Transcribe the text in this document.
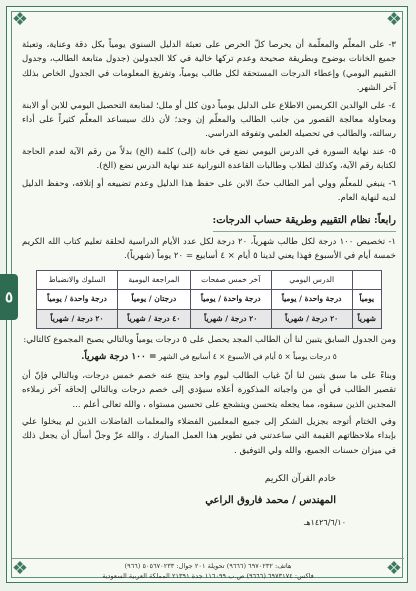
❖	❖
❖	❖
٥

٣- على المعلّم والمعلّمة أن يحرصا كلّ الحرص على تعبئة الدليل السنوي يومياً بكل دقة وعناية، وتعبئة جميع الخانات بوضوح وبطريقة صحيحة وعدم تركها خالية في كلا الجدولين (جدول متابعة الطالب، وجدول التقييم اليومي) وإعطاء الدرجات المستحقة لكل طالب يومياً، وتفريغ المعلومات في الجدول الخاص بذلك آخر الشهر.

٤- على الوالدين الكريمين الاطلاع على الدليل يومياً دون كلل أو ملل؛ لمتابعة التحصيل اليومي للابن أو الابنة ومحاولة معالجة القصور من جانب الطالب والمعلّم إن وجد؛ لأن ذلك سيساعد المعلّم كثيراً على أداء رسالته، والطالب في تحصيله العلمي وتفوقه الدراسي.

٥- عند نهاية السورة في الدرس اليومي نضع في خانة (إلى) كلمة (الخ) بدلاً من رقم الآية لعدم الحاجة لكتابة رقم الآية، وكذلك لطلاب وطالبات القاعدة النورانية عند نهاية الدرس نضع (الخ).

٦- ينبغي للمعلّم وولي أمر الطالب حثّ الابن على حفظ هذا الدليل وعدم تضييعه أو إتلافه، وحفظ الدليل لديه لنهاية العام.

رابعاً: نظام التقييم وطريقة حساب الدرجات:

١- تخصيص ١٠٠ درجة لكل طالب شهرياً، ٢٠ درجة لكل عدد الأيام الدراسية لحلقة تعليم كتاب الله الكريم خمسة أيام في الأسبوع فهذا يعني لدينا ٥ أيام × ٤ أسابيع = ٢٠ يوماً (شهرياً).

	الدرس اليومي	آخر خمس صفحات	المراجعة اليومية	السلوك والانضباط
يومياً	درجة واحدة / يومياً	درجة واحدة / يومياً	درجتان / يومياً	درجة واحدة / يومياً
شهرياً	٢٠ درجة / شهرياً	٢٠ درجة / شهرياً	٤٠ درجة / شهرياً	٢٠ درجة / شهرياً

ومن الجدول السابق يتبين لنا أن الطالب المجد يحصل على ٥ درجات يومياً وبالتالي يصبح المجموع كالتالي:

٥ درجات يومياً × ٥ أيام في الأسبوع × ٤ أسابيع في الشهر = ١٠٠ درجة شهرياً.

وبناءً على ما سبق يتبين لنا أنّ غياب الطالب ليوم واحد ينتج عنه خصم خمس درجات، وبالتالي فإنّ أن تقصير الطالب في أي من واجباته المذكورة أعلاه سيؤدي إلى خصم درجات وبالتالي إلحاقه آخر زملاءه المجدين الذين سبقوه، مما يجعله يتحسن ويتشجع على تحسين مستواه ، والله تعالى أعلم ...

وفي الختام أتوجه بجزيل الشكر إلى جميع المعلمين الفضلاء والمعلمات الفاضلات الذين لم يبخلوا علي بإبداء ملاحظاتهم القيمة التي ساعدتني في تطوير هذا العمل المبارك ، والله عزّ وجلّ أسأل أن يجعل ذلك في ميزان حسنات الجميع، والله ولي التوفيق .

خادم القرآن الكريم
المهندس / محمد فاروق الراعي
١٤٢٦/٦/١٠هـ
هاتف: ٦٩٧٠٢٣٢ (٩٦٦٦) تحويلة ٢٠١ جوال: ٥٠٥٦٧٠٢٣٣ (٩٦٦)
فاكس: ٦٩٧٣١٧٤ (٩٦٦٦) ص.ب ١١٦٠٩٩ جدة ٢١٣٩١ المملكة العربية السعودية
